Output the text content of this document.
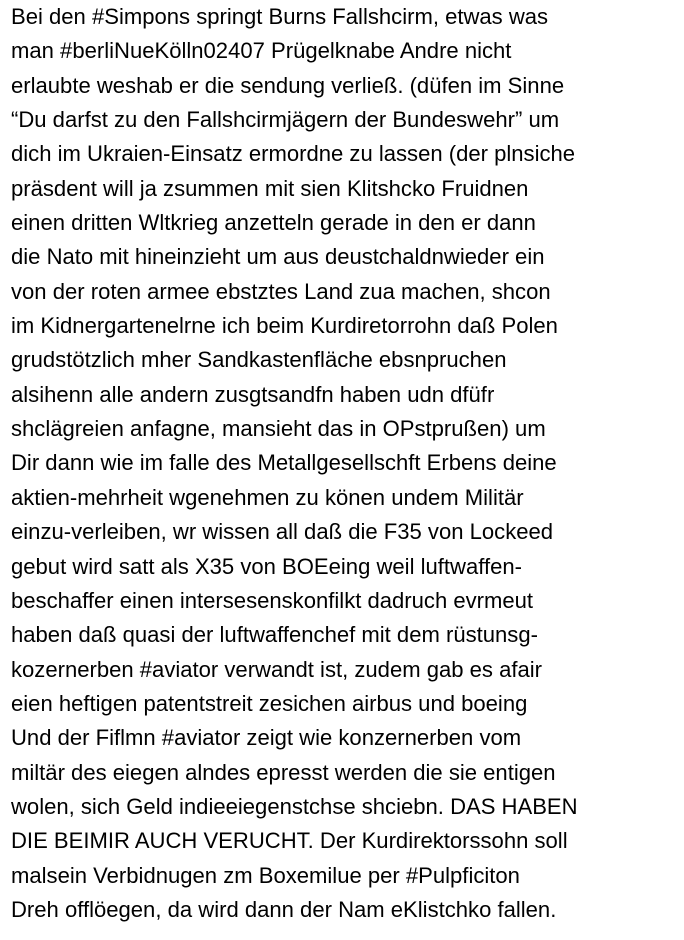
Bei den #Simpons springt Burns Fallshcirm, etwas was
man #berliNueKölln02407 Prügelknabe Andre nicht
erlaubte weshab er die sendung verließ. (düfen im Sinne
“Du darfst zu den Fallshcirmjägern der Bundeswehr” um
dich im Ukraien-Einsatz ermordne zu lassen (der plnsiche
präsdent will ja zsummen mit sien Klitshcko Fruidnen
einen dritten Wltkrieg anzetteln gerade in den er dann
die Nato mit hineinzieht um aus deustchaldnwieder ein
von der roten armee ebstztes Land zua machen, shcon
im Kidnergartenelrne ich beim Kurdiretorrohn daß Polen
grudstötzlich mher Sandkastenfläche ebsnpruchen
alsihenn alle andern zusgtsandfn haben udn dfüfr
shclägreien anfagne, mansieht das in OPstprußen) um
Dir dann wie im falle des Metallgesellschft Erbens deine
aktien-mehrheit wgenehmen zu könen undem Militär
einzu-verleiben, wr wissen all daß die F35 von Lockeed
gebut wird satt als X35 von BOEeing weil luftwaffen-
beschaffer einen intersesenskonfilkt dadruch evrmeut
haben daß quasi der luftwaffenchef mit dem rüstunsg-
kozernerben #aviator verwandt ist, zudem gab es afair
eien heftigen patentstreit zesichen airbus und boeing
Und der Fiflmn #aviator zeigt wie konzernerben vom
miltär des eiegen alndes epresst werden die sie entigen
wolen, sich Geld indieeiegenstchse shciebn. DAS HABEN
DIE BEIMIR AUCH VERUCHT. Der Kurdirektorssohn soll
malsein Verbidnugen zm Boxemilue per #Pulpficiton
Dreh offlöegen, da wird dann der Nam eKlistchko fallen.
